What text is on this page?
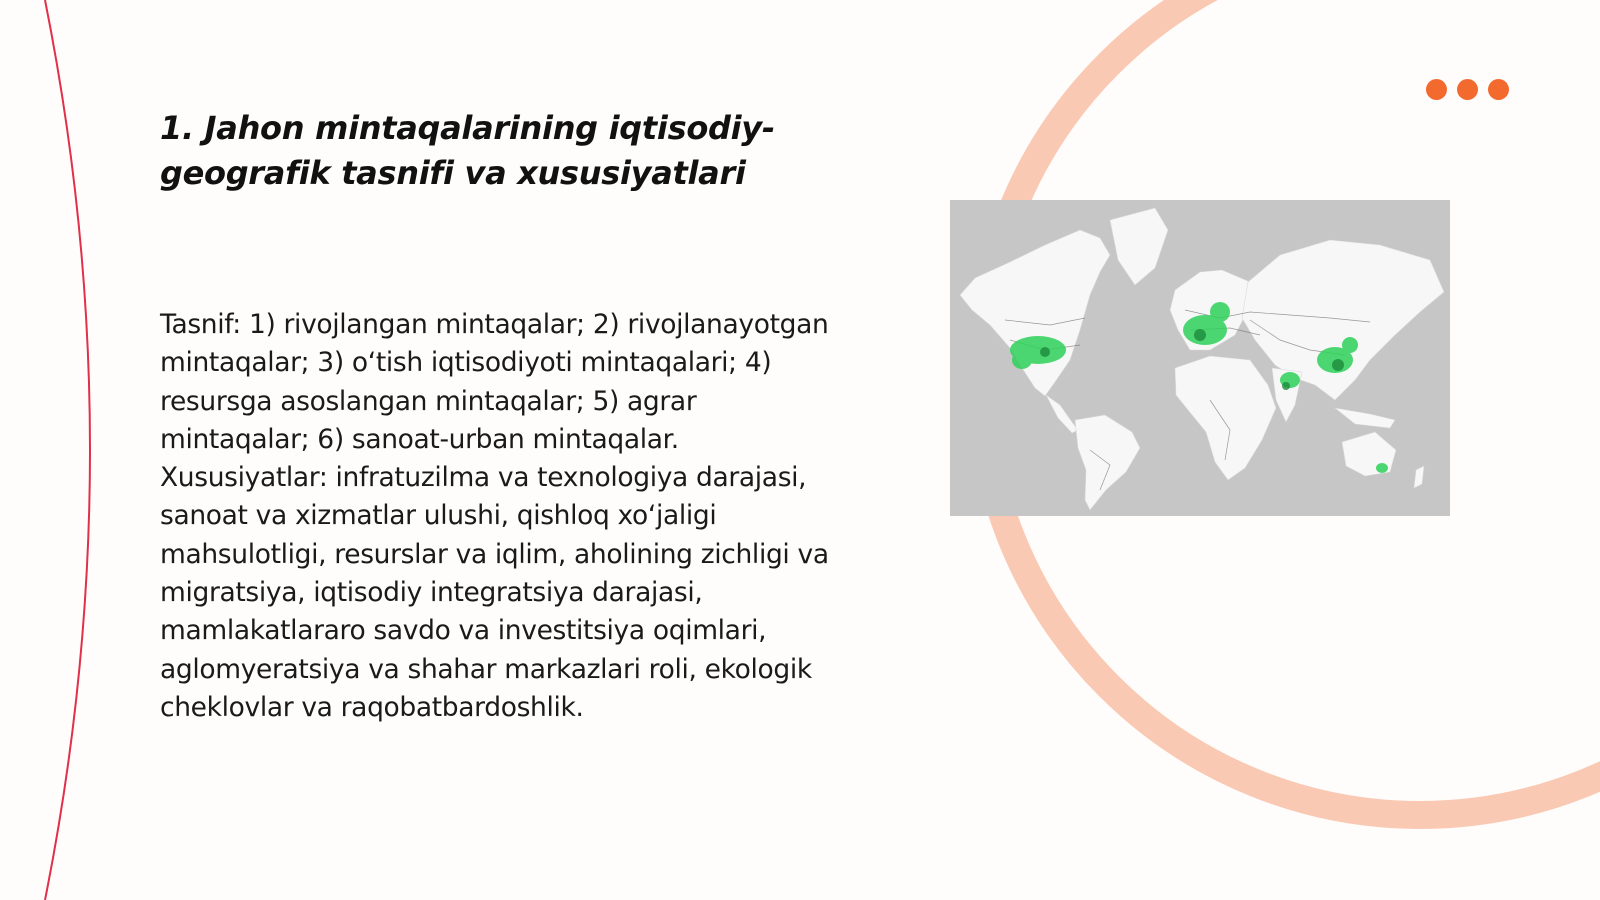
1. Jahon mintaqalarining iqtisodiy-geografik tasnifi va xususiyatlari

Tasnif: 1) rivojlangan mintaqalar; 2) rivojlanayotgan mintaqalar; 3) o‘tish iqtisodiyoti mintaqalari; 4) resursga asoslangan mintaqalar; 5) agrar mintaqalar; 6) sanoat-urban mintaqalar. Xususiyatlar: infratuzilma va texnologiya darajasi, sanoat va xizmatlar ulushi, qishloq xo‘jaligi mahsulotligi, resurslar va iqlim, aholining zichligi va migratsiya, iqtisodiy integratsiya darajasi, mamlakatlararo savdo va investitsiya oqimlari, aglomyeratsiya va shahar markazlari roli, ekologik cheklovlar va raqobatbardoshlik.
